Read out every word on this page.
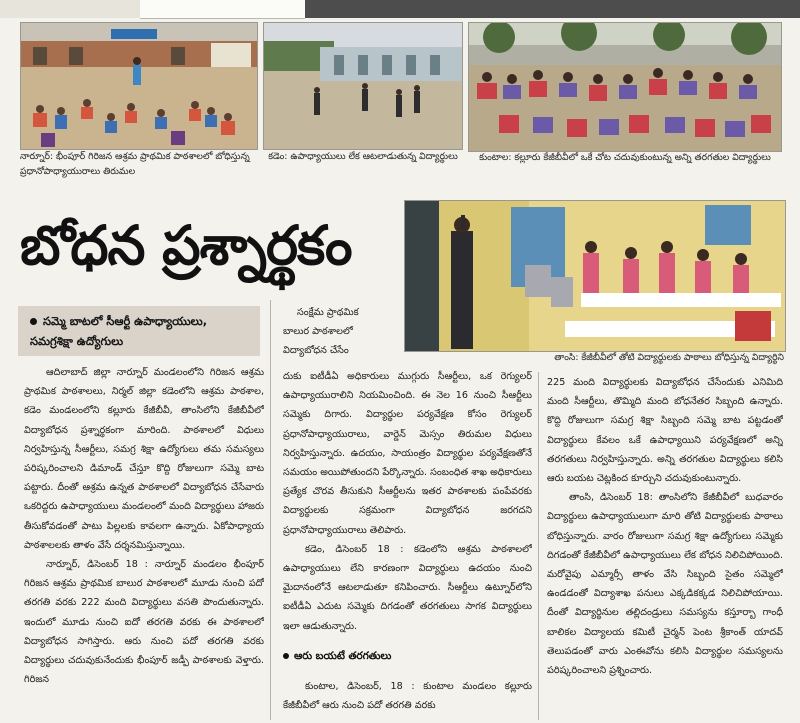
నార్నూర్: భీంపూర్ గిరిజన ఆశ్రమ ప్రాథమిక పాఠశాలలో బోధిస్తున్న ప్రధానోపాధ్యాయురాలు తిరుమల
కడెం: ఉపాధ్యాయులు లేక ఆటలాడుతున్న విద్యార్థులు	కుంటాల: కల్లూరు కేజీబీవీలో ఒకే చోట చదువుకుంటున్న అన్ని తరగతుల విద్యార్థులు
బోధన ప్రశ్నార్థకం
తాంసి: కేజీబీవీలో తోటి విద్యార్థులకు పాఠాలు బోధిస్తున్న విద్యార్థిని
సమ్మె బాటలో సీఆర్టీ ఉపాధ్యాయులు, సమగ్రశిక్షా ఉద్యోగులు

ఆదిలాబాద్ జిల్లా నార్నూర్ మండలంలోని గిరిజన ఆశ్రమ ప్రాథమిక పాఠశాలలు, నిర్మల్ జిల్లా కడెంలోని ఆశ్రమ పాఠశాల, కడెం మండలంలోని కల్లూరు కేజీబీవీ, తాంసిలోని కేజీబీవీలో విద్యాబోధన ప్రశ్నార్థకంగా మారింది. పాఠశాలలో విధులు నిర్వహిస్తున్న సీఆర్టీలు, సమగ్ర శిక్షా ఉద్యోగులు తమ సమస్యలు పరిష్కరించాలని డిమాండ్ చేస్తూ కొద్ది రోజులుగా సమ్మె బాట పట్టారు. దీంతో ఆశ్రమ ఉన్నత పాఠశాలలో విద్యాబోధన చేసేవారు ఒకరిద్దరు ఉపాధ్యాయులు మండలంలో మంది విద్యార్థులు హాజరు తీసుకోవడంతో పాటు పిల్లలకు కావలగా ఉన్నారు. ఏకోపాధ్యాయ పాఠశాలలకు తాళం వేసే దర్శనమిస్తున్నాయి.

నార్నూర్, డిసెంబర్ 18 : నార్నూర్ మండలం భీంపూర్ గిరిజన ఆశ్రమ ప్రాథమిక బాలుర పాఠశాలలో మూడు నుంచి పదో తరగతి వరకు 222 మంది విద్యార్థులు వసతి పొందుతున్నారు. ఇందులో మూడు నుంచి ఐదో తరగతి వరకు ఈ పాఠశాలలో విద్యాబోధన సాగిస్తారు. ఆరు నుంచి పదో తరగతి వరకు విద్యార్థులు చదువుకునేందుకు భీంపూర్ జడ్పీ పాఠశాలకు వెళ్తారు. గిరిజన

సంక్షేమ ప్రాథమిక
బాలుర పాఠశాలలో
విద్యాబోధన చేసేం

దుకు ఐటీడీఏ అధికారులు ముగ్గురు సీఆర్టీలు, ఒక రెగ్యులర్ ఉపాధ్యాయురాలిని నియమించింది. ఈ నెల 16 నుంచి సీఆర్టీలు సమ్మెకు దిగారు. విద్యార్థుల పర్యవేక్షణ కోసం రెగ్యులర్ ప్రధానోపాధ్యాయురాలు, వార్డెన్ మెస్సం తిరుమల విధులు నిర్వహిస్తున్నారు. ఉదయం, సాయంత్రం విద్యార్థుల పర్యవేక్షణతోనే సమయం అయిపోతుందని పేర్కొన్నారు. సంబంధిత శాఖ అధికారులు ప్రత్యేక చొరవ తీసుకుని సీఆర్టీలను ఇతర పాఠశాలకు పంపేవరకు విద్యార్థులకు సక్రమంగా విద్యాబోధన జరగదని ప్రధానోపాధ్యాయురాలు తెలిపారు.

కడెం, డిసెంబర్ 18 : కడెంలోని ఆశ్రమ పాఠశాలలో ఉపాధ్యాయులు లేని కారణంగా విద్యార్థులు ఉదయం నుంచి మైదానంలోనే ఆటలాడుతూ కనిపించారు. సీఆర్టీలు ఉట్నూర్‌లోని ఐటీడీఏ ఎదుట సమ్మెకు దిగడంతో తరగతులు సాగక విద్యార్థులు ఇలా ఆడుతున్నారు.

ఆరు బయటే తరగతులు

కుంటాల, డిసెంబర్, 18 : కుంటాల మండలం కల్లూరు కేజీబీవీలో ఆరు నుంచి పదో తరగతి వరకు

225 మంది విద్యార్థులకు విద్యాబోధన చేసేందుకు ఎనిమిది మంది సీఆర్టీలు, తొమ్మిది మంది బోధనేతర సిబ్బంది ఉన్నారు. కొద్ది రోజులుగా సమగ్ర శిక్షా సిబ్బంది సమ్మె బాట పట్టడంతో విద్యార్థులు కేవలం ఒకే ఉపాధ్యాయిని పర్యవేక్షణలో అన్ని తరగతులు నిర్వహిస్తున్నారు. అన్ని తరగతుల విద్యార్థులు కలిసి ఆరు బయట చెట్లకింద కూర్చుని చదువుకుంటున్నారు.

తాంసి, డిసెంబర్ 18: తాంసిలోని కేజీబీవీలో బుధవారం విద్యార్థులు ఉపాధ్యాయులుగా మారి తోటి విద్యార్థులకు పాఠాలు బోధిస్తున్నారు. వారం రోజులుగా సమగ్ర శిక్షా ఉద్యోగులు సమ్మెకు దిగడంతో కేజీబీవీలో ఉపాధ్యాయులు లేక బోధన నిలిచిపోయింది. మరోవైపు ఎమ్మార్సీ తాళం వేసి సిబ్బంది సైతం సమ్మెలో ఉండడంతో విద్యాశాఖ పనులు ఎక్కడికక్కడ నిలిచిపోయాయి. దీంతో విద్యార్థినుల తల్లిదండ్రులు సమస్యను కస్తూర్బా గాంధీ బాలికల విద్యాలయ కమిటీ చైర్మన్ పెంట శ్రీకాంత్ యాదవ్ తెలుపడంతో వారు ఎంఈవోను కలిసి విద్యార్థుల సమస్యలను పరిష్కరించాలని ప్రశ్నించారు.
